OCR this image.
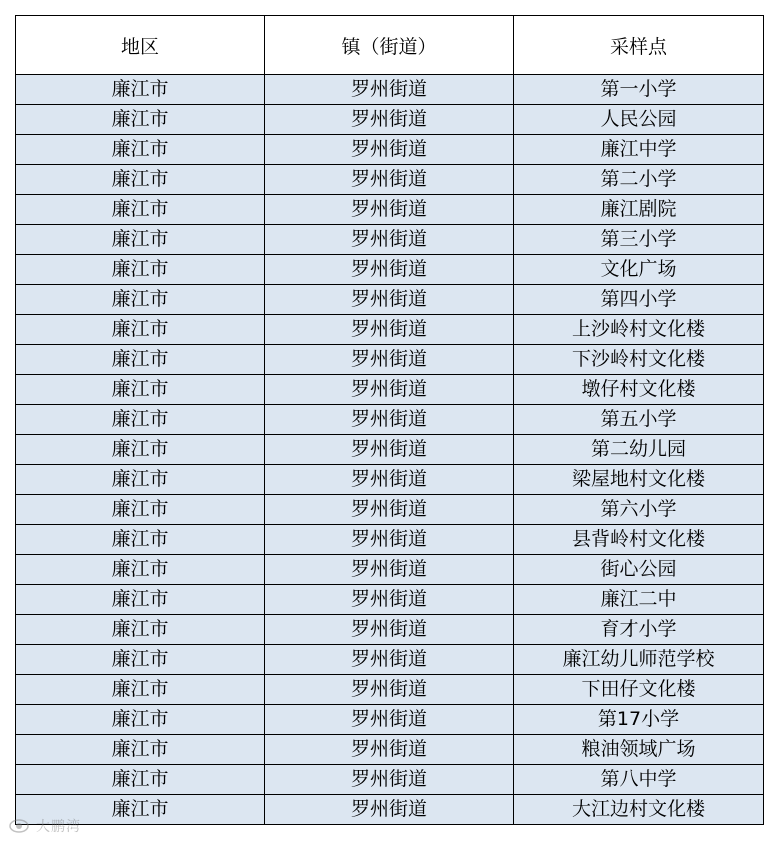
地区	镇（街道）	采样点
廉江市	罗州街道	第一小学
廉江市	罗州街道	人民公园
廉江市	罗州街道	廉江中学
廉江市	罗州街道	第二小学
廉江市	罗州街道	廉江剧院
廉江市	罗州街道	第三小学
廉江市	罗州街道	文化广场
廉江市	罗州街道	第四小学
廉江市	罗州街道	上沙岭村文化楼
廉江市	罗州街道	下沙岭村文化楼
廉江市	罗州街道	墩仔村文化楼
廉江市	罗州街道	第五小学
廉江市	罗州街道	第二幼儿园
廉江市	罗州街道	梁屋地村文化楼
廉江市	罗州街道	第六小学
廉江市	罗州街道	县背岭村文化楼
廉江市	罗州街道	街心公园
廉江市	罗州街道	廉江二中
廉江市	罗州街道	育才小学
廉江市	罗州街道	廉江幼儿师范学校
廉江市	罗州街道	下田仔文化楼
廉江市	罗州街道	第17小学
廉江市	罗州街道	粮油领域广场
廉江市	罗州街道	第八中学
廉江市	罗州街道	大江边村文化楼
大鹏湾
